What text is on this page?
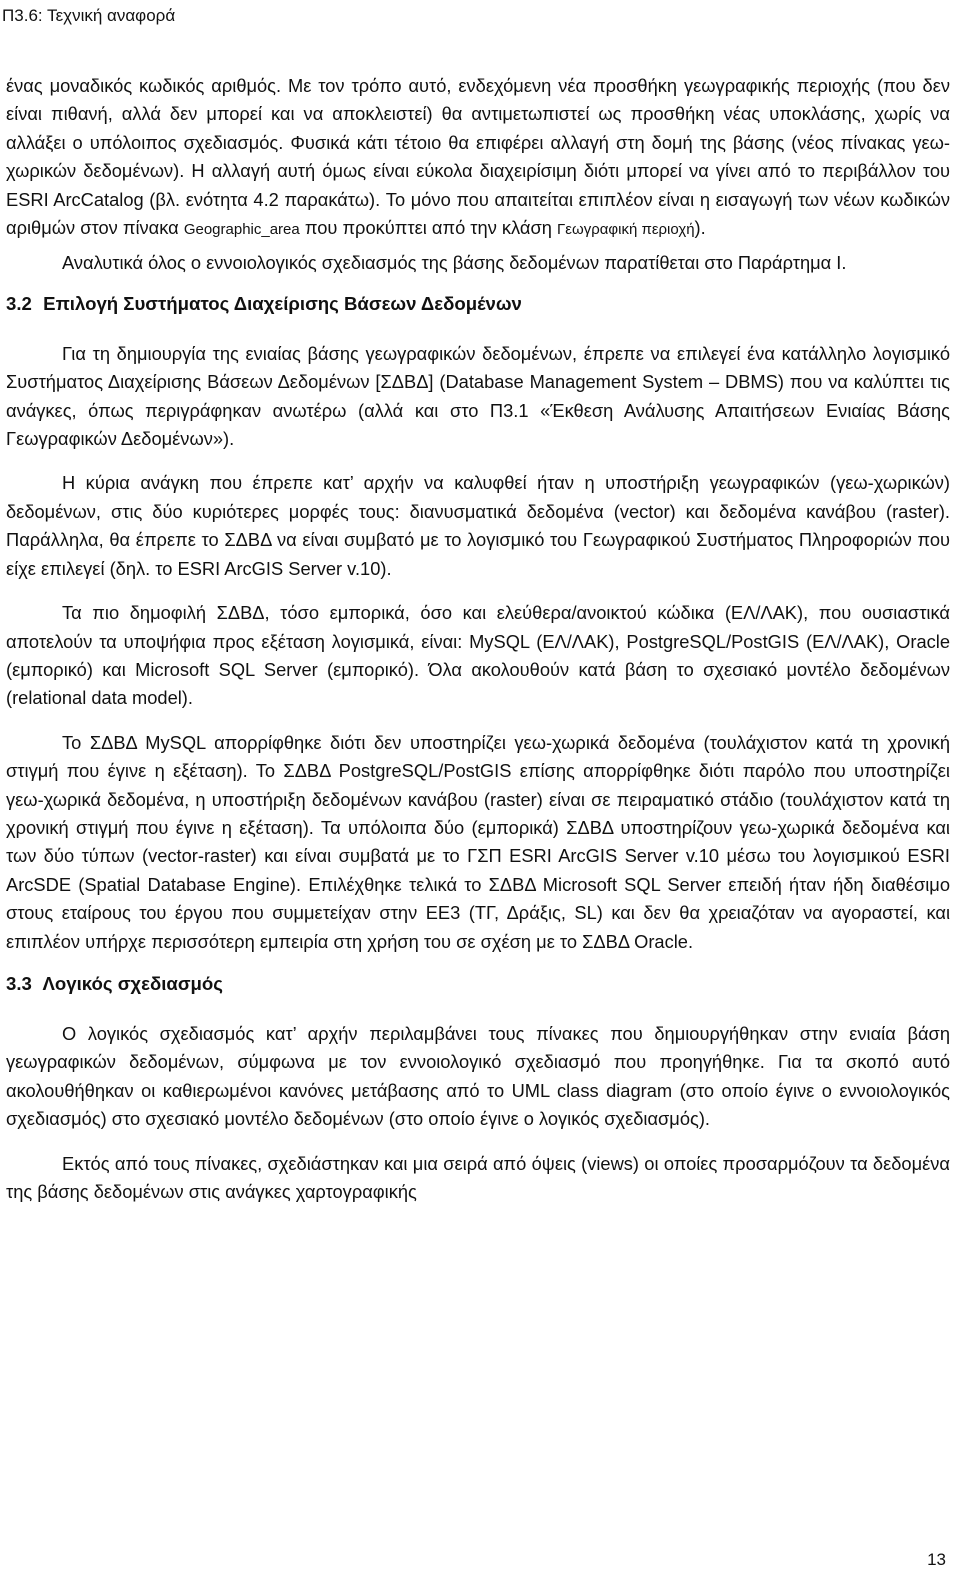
Π3.6: Τεχνική αναφορά

ένας μοναδικός κωδικός αριθμός. Με τον τρόπο αυτό, ενδεχόμενη νέα προσθήκη γεωγραφικής περιοχής (που δεν είναι πιθανή, αλλά δεν μπορεί και να αποκλειστεί) θα αντιμετωπιστεί ως προσθήκη νέας υποκλάσης, χωρίς να αλλάξει ο υπόλοιπος σχεδιασμός. Φυσικά κάτι τέτοιο θα επιφέρει αλλαγή στη δομή της βάσης (νέος πίνακας γεω-χωρικών δεδομένων). Η αλλαγή αυτή όμως είναι εύκολα διαχειρίσιμη διότι μπορεί να γίνει από το περιβάλλον του ESRI ArcCatalog (βλ. ενότητα 4.2 παρακάτω). Το μόνο που απαιτείται επιπλέον είναι η εισαγωγή των νέων κωδικών αριθμών στον πίνακα Geographic_area που προκύπτει από την κλάση Γεωγραφική περιοχή).

Αναλυτικά όλος ο εννοιολογικός σχεδιασμός της βάσης δεδομένων παρατίθεται στο Παράρτημα Ι.

3.2 Επιλογή Συστήματος Διαχείρισης Βάσεων Δεδομένων

Για τη δημιουργία της ενιαίας βάσης γεωγραφικών δεδομένων, έπρεπε να επιλεγεί ένα κατάλληλο λογισμικό Συστήματος Διαχείρισης Βάσεων Δεδομένων [ΣΔΒΔ] (Database Management System – DBMS) που να καλύπτει τις ανάγκες, όπως περιγράφηκαν ανωτέρω (αλλά και στο Π3.1 «Έκθεση Ανάλυσης Απαιτήσεων Ενιαίας Βάσης Γεωγραφικών Δεδομένων»).

Η κύρια ανάγκη που έπρεπε κατ’ αρχήν να καλυφθεί ήταν η υποστήριξη γεωγραφικών (γεω-χωρικών) δεδομένων, στις δύο κυριότερες μορφές τους: διανυσματικά δεδομένα (vector) και δεδομένα κανάβου (raster). Παράλληλα, θα έπρεπε το ΣΔΒΔ να είναι συμβατό με το λογισμικό του Γεωγραφικού Συστήματος Πληροφοριών που είχε επιλεγεί (δηλ. το ESRI ArcGIS Server v.10).

Τα πιο δημοφιλή ΣΔΒΔ, τόσο εμπορικά, όσο και ελεύθερα/ανοικτού κώδικα (ΕΛ/ΛΑΚ), που ουσιαστικά αποτελούν τα υποψήφια προς εξέταση λογισμικά, είναι: MySQL (ΕΛ/ΛΑΚ), PostgreSQL/PostGIS (ΕΛ/ΛΑΚ), Oracle (εμπορικό) και Microsoft SQL Server (εμπορικό). Όλα ακολουθούν κατά βάση το σχεσιακό μοντέλο δεδομένων (relational data model).

Το ΣΔΒΔ MySQL απορρίφθηκε διότι δεν υποστηρίζει γεω-χωρικά δεδομένα (τουλάχιστον κατά τη χρονική στιγμή που έγινε η εξέταση). Το ΣΔΒΔ PostgreSQL/PostGIS επίσης απορρίφθηκε διότι παρόλο που υποστηρίζει γεω-χωρικά δεδομένα, η υποστήριξη δεδομένων κανάβου (raster) είναι σε πειραματικό στάδιο (τουλάχιστον κατά τη χρονική στιγμή που έγινε η εξέταση). Τα υπόλοιπα δύο (εμπορικά) ΣΔΒΔ υποστηρίζουν γεω-χωρικά δεδομένα και των δύο τύπων (vector-raster) και είναι συμβατά με το ΓΣΠ ESRI ArcGIS Server v.10 μέσω του λογισμικού ESRI ArcSDE (Spatial Database Engine). Επιλέχθηκε τελικά το ΣΔΒΔ Microsoft SQL Server επειδή ήταν ήδη διαθέσιμο στους εταίρους του έργου που συμμετείχαν στην ΕΕ3 (ΤΓ, Δράξις, SL) και δεν θα χρειαζόταν να αγοραστεί, και επιπλέον υπήρχε περισσότερη εμπειρία στη χρήση του σε σχέση με το ΣΔΒΔ Oracle.

3.3 Λογικός σχεδιασμός

Ο λογικός σχεδιασμός κατ’ αρχήν περιλαμβάνει τους πίνακες που δημιουργήθηκαν στην ενιαία βάση γεωγραφικών δεδομένων, σύμφωνα με τον εννοιολογικό σχεδιασμό που προηγήθηκε. Για τα σκοπό αυτό ακολουθήθηκαν οι καθιερωμένοι κανόνες μετάβασης από το UML class diagram (στο οποίο έγινε ο εννοιολογικός σχεδιασμός) στο σχεσιακό μοντέλο δεδομένων (στο οποίο έγινε ο λογικός σχεδιασμός).

Εκτός από τους πίνακες, σχεδιάστηκαν και μια σειρά από όψεις (views) οι οποίες προσαρμόζουν τα δεδομένα της βάσης δεδομένων στις ανάγκες χαρτογραφικής

13
